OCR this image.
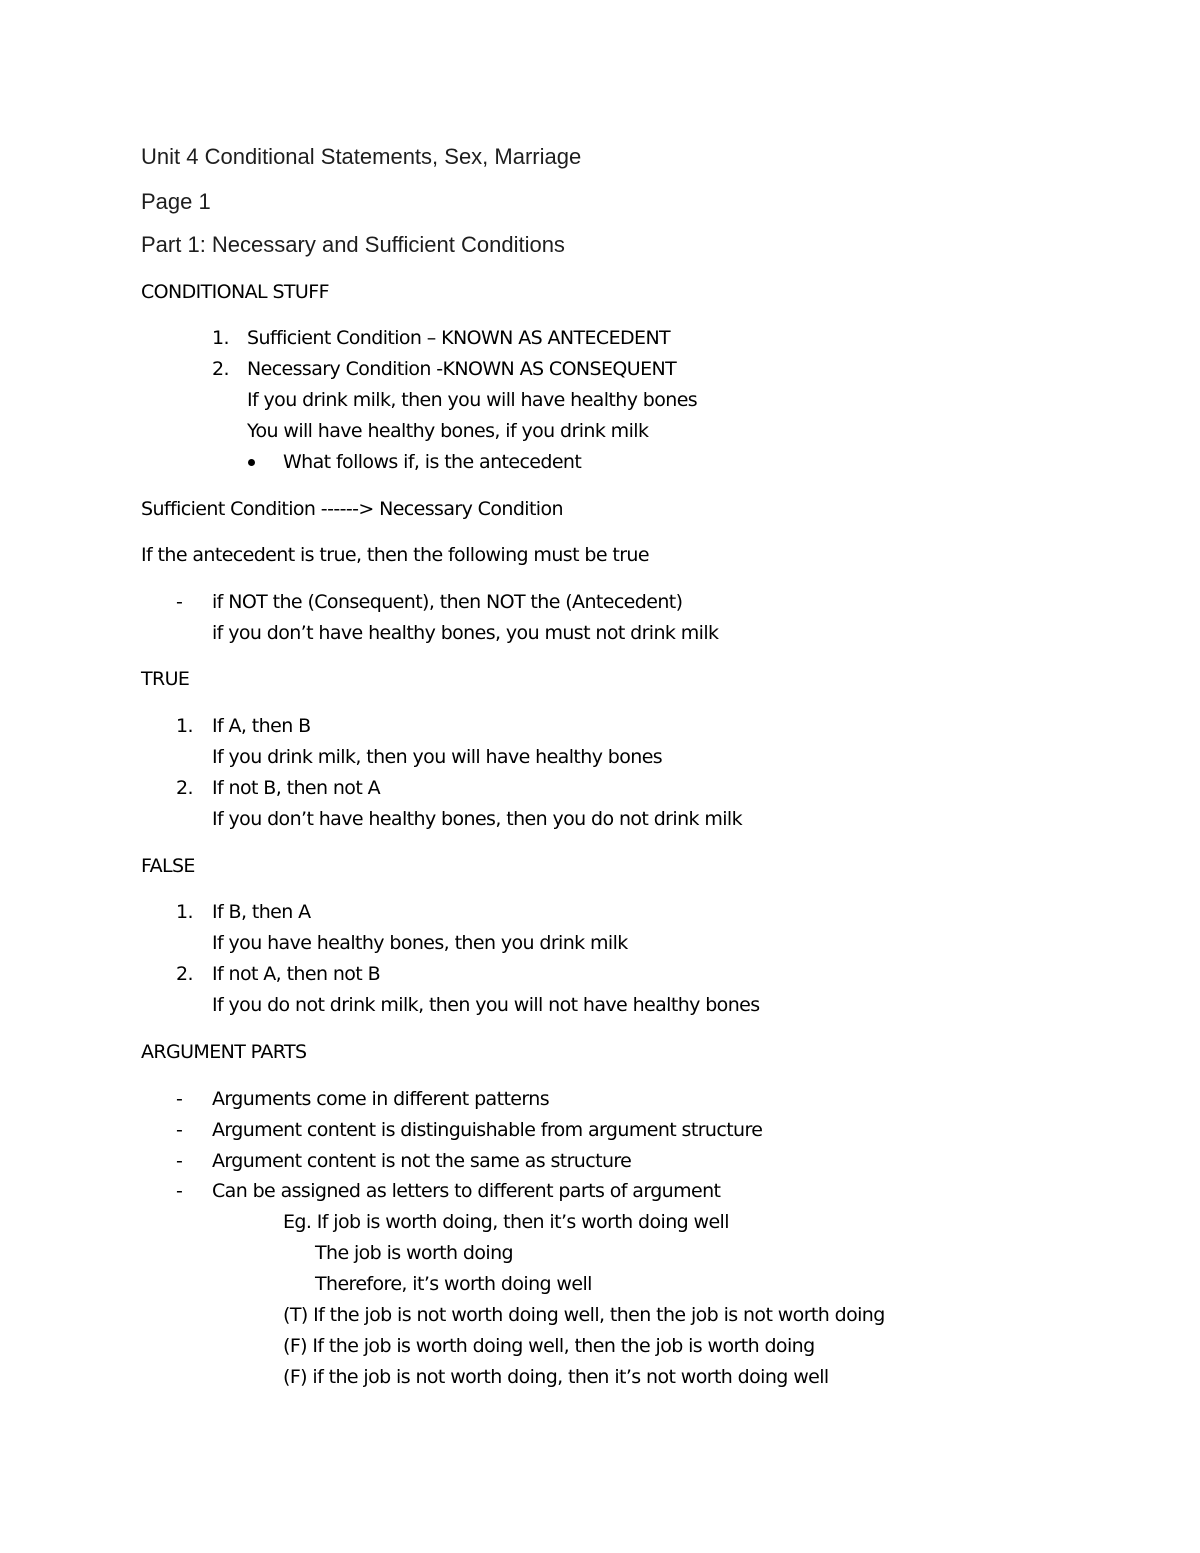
Unit 4 Conditional Statements, Sex, Marriage
Page 1
Part 1: Necessary and Sufficient Conditions
CONDITIONAL STUFF
1. Sufficient Condition – KNOWN AS ANTECEDENT
2. Necessary Condition -KNOWN AS CONSEQUENT
If you drink milk, then you will have healthy bones
You will have healthy bones, if you drink milk
What follows if, is the antecedent
Sufficient Condition ------> Necessary Condition
If the antecedent is true, then the following must be true
- if NOT the (Consequent), then NOT the (Antecedent)
if you don’t have healthy bones, you must not drink milk
TRUE
1. If A, then B
If you drink milk, then you will have healthy bones
2. If not B, then not A
If you don’t have healthy bones, then you do not drink milk
FALSE
1. If B, then A
If you have healthy bones, then you drink milk
2. If not A, then not B
If you do not drink milk, then you will not have healthy bones
ARGUMENT PARTS
- Arguments come in different patterns
- Argument content is distinguishable from argument structure
- Argument content is not the same as structure
- Can be assigned as letters to different parts of argument
Eg. If job is worth doing, then it’s worth doing well
The job is worth doing
Therefore, it’s worth doing well
(T) If the job is not worth doing well, then the job is not worth doing
(F) If the job is worth doing well, then the job is worth doing
(F) if the job is not worth doing, then it’s not worth doing well
